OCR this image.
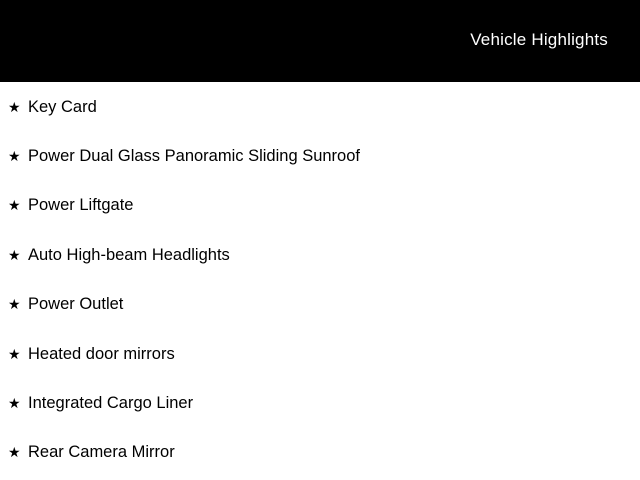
Vehicle Highlights
★ Key Card
★ Power Dual Glass Panoramic Sliding Sunroof
★ Power Liftgate
★ Auto High-beam Headlights
★ Power Outlet
★ Heated door mirrors
★ Integrated Cargo Liner
★ Rear Camera Mirror
